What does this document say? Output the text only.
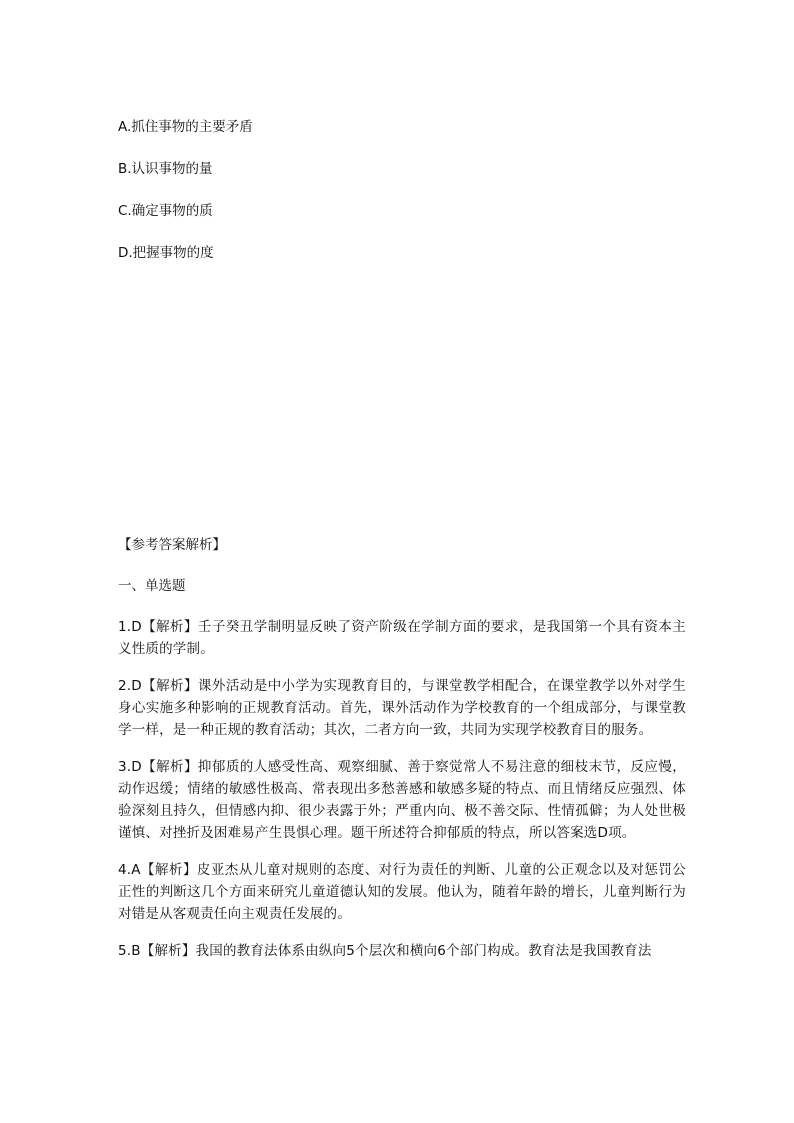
A.抓住事物的主要矛盾
B.认识事物的量
C.确定事物的质
D.把握事物的度
【参考答案解析】
一、单选题

1.D【解析】壬子癸丑学制明显反映了资产阶级在学制方面的要求，是我国第一个具有资本主义性质的学制。

2.D【解析】课外活动是中小学为实现教育目的，与课堂教学相配合，在课堂教学以外对学生身心实施多种影响的正规教育活动。首先，课外活动作为学校教育的一个组成部分，与课堂教学一样，是一种正规的教育活动；其次，二者方向一致，共同为实现学校教育目的服务。

3.D【解析】抑郁质的人感受性高、观察细腻、善于察觉常人不易注意的细枝末节，反应慢，动作迟缓；情绪的敏感性极高、常表现出多愁善感和敏感多疑的特点、而且情绪反应强烈、体验深刻且持久，但情感内抑、很少表露于外；严重内向、极不善交际、性情孤僻；为人处世极谨慎、对挫折及困难易产生畏惧心理。题干所述符合抑郁质的特点，所以答案选D项。

4.A【解析】皮亚杰从儿童对规则的态度、对行为责任的判断、儿童的公正观念以及对惩罚公正性的判断这几个方面来研究儿童道德认知的发展。他认为，随着年龄的增长，儿童判断行为对错是从客观责任向主观责任发展的。

5.B【解析】我国的教育法体系由纵向5个层次和横向6个部门构成。教育法是我国教育法
